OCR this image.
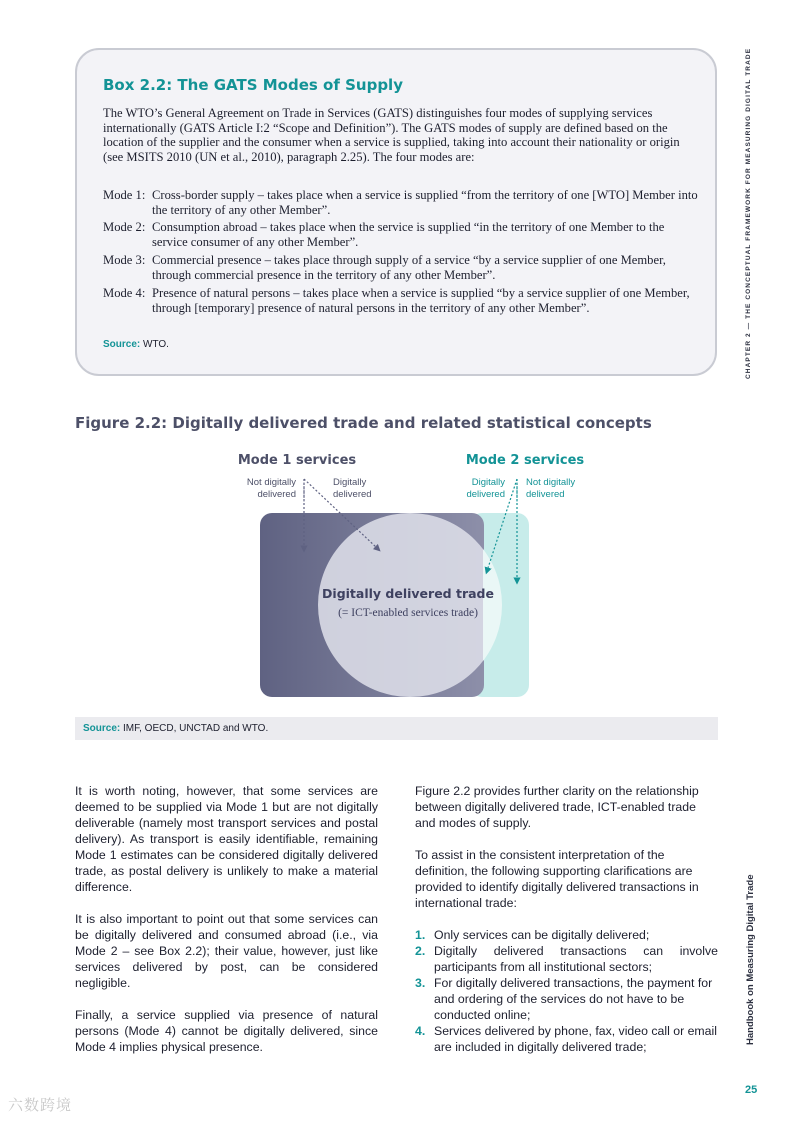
Box 2.2: The GATS Modes of Supply

The WTO’s General Agreement on Trade in Services (GATS) distinguishes four modes of supplying services internationally (GATS Article I:2 “Scope and Definition”). The GATS modes of supply are defined based on the location of the supplier and the consumer when a service is supplied, taking into account their nationality or origin (see MSITS 2010 (UN et al., 2010), paragraph 2.25). The four modes are:

Mode 1: Cross-border supply – takes place when a service is supplied “from the territory of one [WTO] Member into the territory of any other Member”.
Mode 2: Consumption abroad – takes place when the service is supplied “in the territory of one Member to the service consumer of any other Member”.
Mode 3: Commercial presence – takes place through supply of a service “by a service supplier of one Member, through commercial presence in the territory of any other Member”.
Mode 4: Presence of natural persons – takes place when a service is supplied “by a service supplier of one Member, through [temporary] presence of natural persons in the territory of any other Member”.
Source: WTO.	CHAPTER 2 — THE CONCEPTUAL FRAMEWORK FOR MEASURING DIGITAL TRADE
Handbook on Measuring Digital Trade
Figure 2.2: Digitally delivered trade and related statistical concepts
Mode 1 services	Mode 2 services
Not digitally
delivered
Digitally
delivered
Digitally
delivered
Not digitally
delivered
Digitally delivered trade
(= ICT-enabled services trade)
Source: IMF, OECD, UNCTAD and WTO.

It is worth noting, however, that some services are deemed to be supplied via Mode 1 but are not digitally deliverable (namely most transport services and postal delivery). As transport is easily identifiable, remaining Mode 1 estimates can be considered digitally delivered trade, as postal delivery is unlikely to make a material difference.

It is also important to point out that some services can be digitally delivered and consumed abroad (i.e., via Mode 2 – see Box 2.2); their value, however, just like services delivered by post, can be considered negligible.

Finally, a service supplied via presence of natural persons (Mode 4) cannot be digitally delivered, since Mode 4 implies physical presence.

Figure 2.2 provides further clarity on the relationship between digitally delivered trade, ICT-enabled trade and modes of supply.

To assist in the consistent interpretation of the definition, the following supporting clarifications are provided to identify digitally delivered transactions in international trade:

1. Only services can be digitally delivered;
2. Digitally delivered transactions can involve participants from all institutional sectors;
3. For digitally delivered transactions, the payment for and ordering of the services do not have to be conducted online;
4. Services delivered by phone, fax, video call or email are included in digitally delivered trade;
25
六数跨境
